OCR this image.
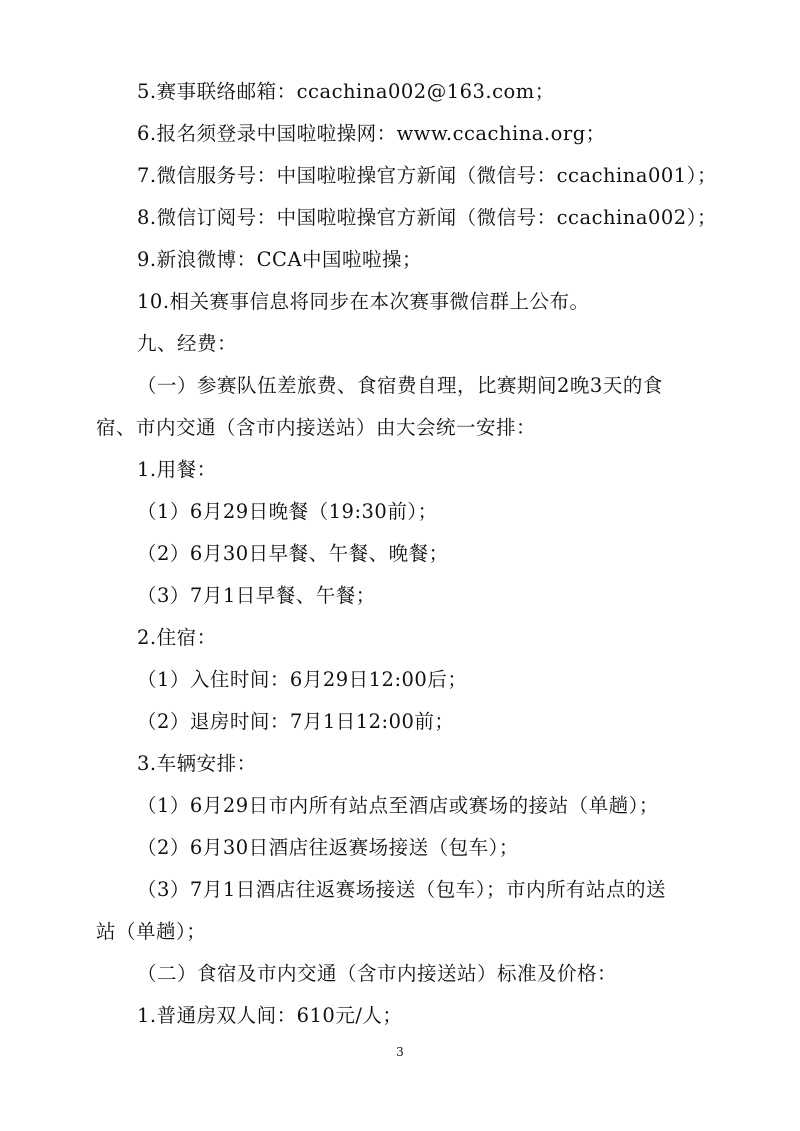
5.赛事联络邮箱：ccachina002@163.com；
6.报名须登录中国啦啦操网：www.ccachina.org；
7.微信服务号：中国啦啦操官方新闻（微信号：ccachina001）；
8.微信订阅号：中国啦啦操官方新闻（微信号：ccachina002）；
9.新浪微博：CCA中国啦啦操；
10.相关赛事信息将同步在本次赛事微信群上公布。
九、经费：
（一）参赛队伍差旅费、食宿费自理，比赛期间2晚3天的食
宿、市内交通（含市内接送站）由大会统一安排：
1.用餐：
（1）6月29日晚餐（19:30前）；
（2）6月30日早餐、午餐、晚餐；
（3）7月1日早餐、午餐；
2.住宿：
（1）入住时间：6月29日12:00后；
（2）退房时间：7月1日12:00前；
3.车辆安排：
（1）6月29日市内所有站点至酒店或赛场的接站（单趟）；
（2）6月30日酒店往返赛场接送（包车）；
（3）7月1日酒店往返赛场接送（包车）；市内所有站点的送
站（单趟）；
（二）食宿及市内交通（含市内接送站）标准及价格：
1.普通房双人间：610元/人；
3
